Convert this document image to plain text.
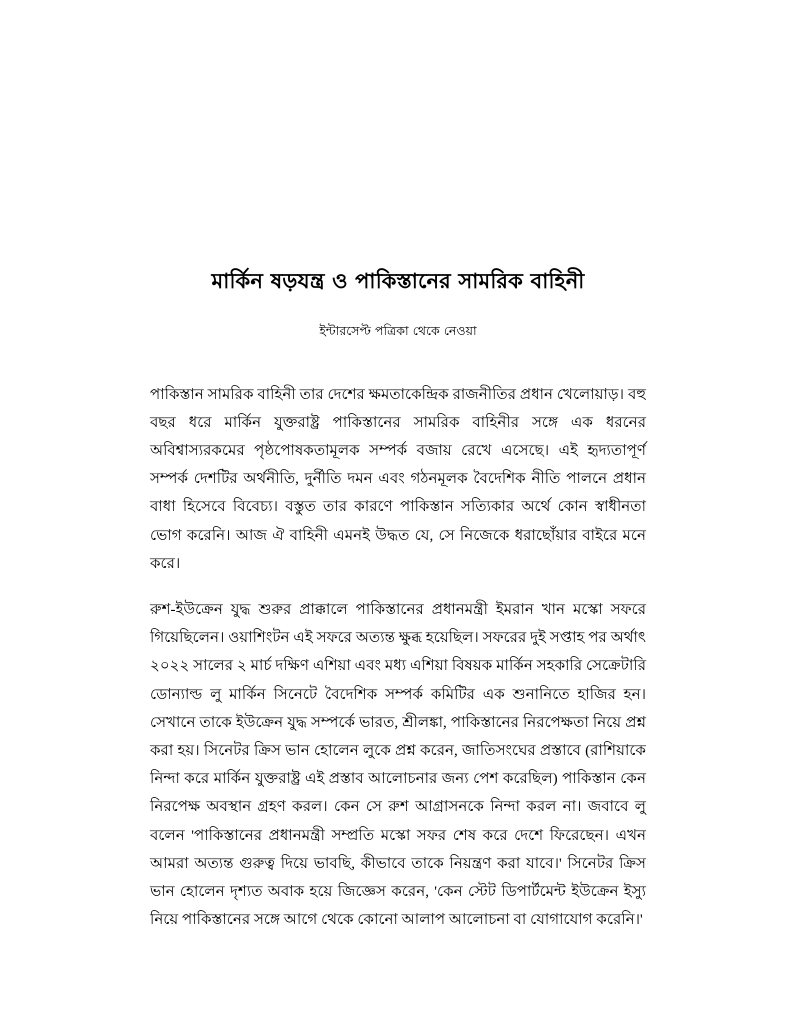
মার্কিন ষড়যন্ত্র ও পাকিস্তানের সামরিক বাহিনী
ইন্টারসেপ্ট পত্রিকা থেকে নেওয়া

পাকিস্তান সামরিক বাহিনী তার দেশের ক্ষমতাকেন্দ্রিক রাজনীতির প্রধান খেলোয়াড়। বহু বছর ধরে মার্কিন যুক্তরাষ্ট্র পাকিস্তানের সামরিক বাহিনীর সঙ্গে এক ধরনের অবিশ্বাস্যরকমের পৃষ্ঠপোষকতামূলক সম্পর্ক বজায় রেখে এসেছে। এই হৃদ্যতাপূর্ণ সম্পর্ক দেশটির অর্থনীতি, দুর্নীতি দমন এবং গঠনমূলক বৈদেশিক নীতি পালনে প্রধান বাধা হিসেবে বিবেচ্য। বস্তুত তার কারণে পাকিস্তান সত্যিকার অর্থে কোন স্বাধীনতা ভোগ করেনি। আজ ঐ বাহিনী এমনই উদ্ধত যে, সে নিজেকে ধরাছোঁয়ার বাইরে মনে করে।

রুশ-ইউক্রেন যুদ্ধ শুরুর প্রাক্কালে পাকিস্তানের প্রধানমন্ত্রী ইমরান খান মস্কো সফরে গিয়েছিলেন। ওয়াশিংটন এই সফরে অত্যন্ত ক্ষুব্ধ হয়েছিল। সফরের দুই সপ্তাহ পর অর্থাৎ ২০২২ সালের ২ মার্চ দক্ষিণ এশিয়া এবং মধ্য এশিয়া বিষয়ক মার্কিন সহকারি সেক্রেটারি ডোন্যাল্ড লু মার্কিন সিনেটে বৈদেশিক সম্পর্ক কমিটির এক শুনানিতে হাজির হন। সেখানে তাকে ইউক্রেন যুদ্ধ সম্পর্কে ভারত, শ্রীলঙ্কা, পাকিস্তানের নিরপেক্ষতা নিয়ে প্রশ্ন করা হয়। সিনেটর ক্রিস ভান হোলেন লুকে প্রশ্ন করেন, জাতিসংঘের প্রস্তাবে (রাশিয়াকে নিন্দা করে মার্কিন যুক্তরাষ্ট্র এই প্রস্তাব আলোচনার জন্য পেশ করেছিল) পাকিস্তান কেন নিরপেক্ষ অবস্থান গ্রহণ করল। কেন সে রুশ আগ্রাসনকে নিন্দা করল না। জবাবে লু বলেন 'পাকিস্তানের প্রধানমন্ত্রী সম্প্রতি মস্কো সফর শেষ করে দেশে ফিরেছেন। এখন আমরা অত্যন্ত গুরুত্ব দিয়ে ভাবছি, কীভাবে তাকে নিয়ন্ত্রণ করা যাবে।' সিনেটর ক্রিস ভান হোলেন দৃশ্যত অবাক হয়ে জিজ্ঞেস করেন, 'কেন স্টেট ডিপার্টমেন্ট ইউক্রেন ইস্যু নিয়ে পাকিস্তানের সঙ্গে আগে থেকে কোনো আলাপ আলোচনা বা যোগাযোগ করেনি।'
